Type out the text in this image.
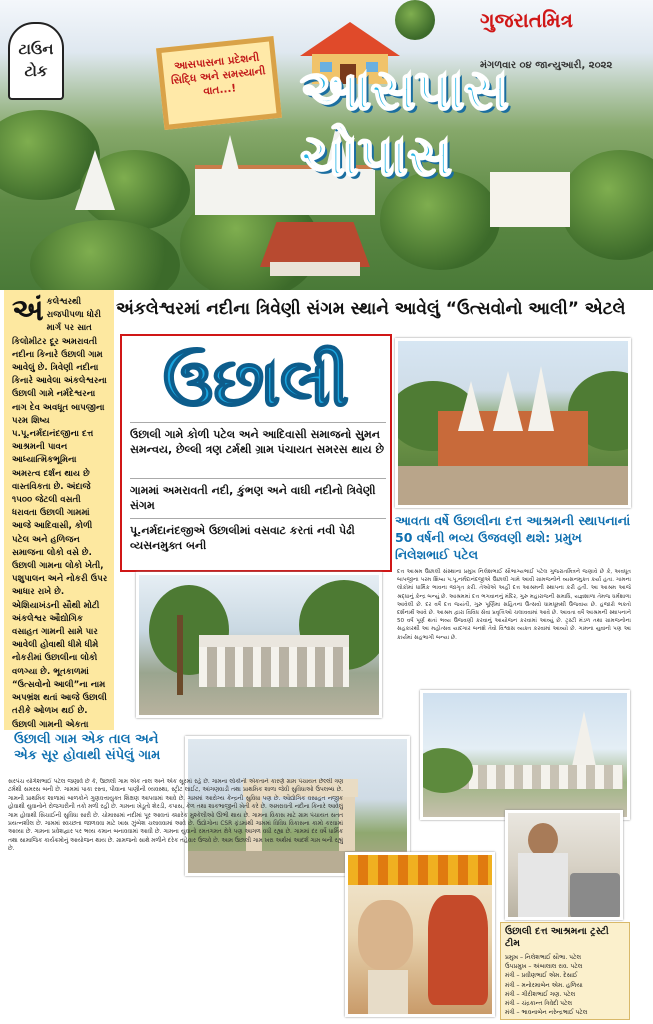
ટાઉન
ટોક	આસપાસના પ્રદેશની સિદ્ધિ અને સમસ્યાની વાત...!
ગુજરાતમિત્ર
મંગળવાર ૦૪ જાન્યુઆરી, ૨૦૨૨
આસપાસ ચોપાસ
અંકલેશ્વરમાં નદીના ત્રિવેણી સંગમ સ્થાને આવેલું “ઉત્સવોનો આલી” એટલે
અં કલેશ્વરથી રાજપીપળા ધોરી માર્ગ પર સાત કિલોમીટર દૂર અમરાવતી નદીના કિનારે ઉછાલી ગામ આવેલું છે. ત્રિવેણી નદીના કિનારે આવેલા અંકલેશ્વરના ઉછાલી ગામે નર્મદેશ્વરના નાગ દેવ અવધૂત બાપજીના પરમ શિષ્ય પ.પૂ.નર્મદાનંદજીના દત્ત આશ્રમની પાવન આધ્યાત્મિકભૂમિના અમરત્વ દર્શન થાય છે વાસ્તવિકતા છે. અંદાજે ૧૫૦૦ જેટલી વસતી ધરાવતા ઉછાલી ગામમાં આજે આદિવાસી, કોળી પટેલ અને હળિજન સમાજના લોકો વસે છે. ઉછાલી ગામના લોકો ખેતી, પશુપાલન અને નોકરી ઉપર આધાર રાખે છે. એશિયાખંડની સૌથી મોટી અંકલેશ્વર ઔદ્યોગિક વસાહત ગામની સામે પાર આવેલી હોવાથી ધીમે ધીમે નોકરીમાં ઉછાલીના લોકો વળગ્યા છે. ભૂતકાળમાં “ઉત્સવોનો આલી”ના નામ અપભ્રંશ થતાં આજે ઉછાલી તરીકે ઓળખ થઈ છે. ઉછાલી ગામની એકતા

ઉછાલી
ઉછાલી ગામે કોળી પટેલ અને આદિવાસી સમાજનો સુમન સમન્વય, છેલ્લી ત્રણ ટર્મથી ગ્રામ પંચાયત સમરસ થાય છે
ગામમાં અમરાવતી નદી, કુંભણ અને વાઘી નદીનો ત્રિવેણી સંગમ
પૂ.નર્મદાનંદજીએ ઉછાલીમાં વસવાટ કરતાં નવી પેઢી વ્યસનમુક્ત બની
આવતા વર્ષે ઉછાલીના દત્ત આશ્રમની સ્થાપનાનાં 50 વર્ષની ભવ્ય ઉજવણી થશે: પ્રમુખ નિલેશભાઈ પટેલ
દત્ત આશ્રમ ઉછાલી સંસ્થાના પ્રમુખ નિલેશભાઈ સૌભાગ્યભાઈ પટેલ ગુજરાતમિત્રને જણાવે છે કે, અવધૂત બાપજીના પરમ શિષ્ય પ.પૂ.નર્મદાનંદજીએ ઉછાલી ગામે આવી ગ્રામજનોને વ્યસનમુક્ત કર્યા હતા. ગામના લોકોમાં ધાર્મિક ભાવના જાગૃત કરી. તેઓએ અહીં દત્ત આશ્રમની સ્થાપના કરી હતી. આ આશ્રમ આજે શ્રદ્ધાનું કેન્દ્ર બન્યું છે. આશ્રમમાં દત્ત ભગવાનનું મંદિર, ગુરુ મહારાજની સમાધિ, યજ્ઞશાળા તેમજ ધર્મશાળા આવેલી છે. દર વર્ષે દત્ત જયંતી, ગુરુ પૂર્ણિમા સહિતના ઉત્સવો ધામધૂમથી ઉજવાય છે. હજારો ભક્તો દર્શનાર્થે આવે છે. આશ્રમ દ્વારા વિવિધ સેવા પ્રવૃત્તિઓ ચલાવવામાં આવે છે. આવતા વર્ષે આશ્રમની સ્થાપનાને 50 વર્ષ પૂર્ણ થતાં ભવ્ય ઉજવણી કરવાનું આયોજન કરવામાં આવ્યું છે. ટ્રસ્ટી મંડળ તથા ગ્રામજનોના સહકારથી આ મહોત્સવ યાદગાર બનશે તેવો વિશ્વાસ વ્યક્ત કરવામાં આવ્યો છે. ગામના યુવાનો પણ આ કાર્યમાં સહભાગી બન્યા છે.
ઉછાલી ગામ એક તાલ અને એક સૂર હોવાથી સંપેલું ગામ
સરપંચ યોગેશભાઈ પટેલ જણાવે છે કે, ઉછાલી ગામ એક તાલ અને એક સૂરમાં રહે છે. ગામના લોકોની એકતાને કારણે ગ્રામ પંચાયત છેલ્લી ત્રણ ટર્મથી સમરસ બની છે. ગામમાં પાકા રસ્તા, પીવાના પાણીની વ્યવસ્થા, સ્ટ્રીટ લાઈટ, આંગણવાડી તથા પ્રાથમિક શાળા જેવી સુવિધાઓ ઉપલબ્ધ છે. ગામની પ્રાથમિક શાળામાં બાળકોને ગુણવત્તાયુક્ત શિક્ષણ આપવામાં આવે છે. ગામમાં આરોગ્ય કેન્દ્રની સુવિધા પણ છે. ઔદ્યોગિક વસાહત નજીક હોવાથી યુવાનોને રોજગારીની તકો મળી રહી છે. ગામના ખેડૂતો શેરડી, કપાસ, કેળ તથા શાકભાજીની ખેતી કરે છે. અમરાવતી નદીના કિનારે આવેલું ગામ હોવાથી સિંચાઈની સુવિધા સારી છે. ચોમાસામાં નદીમાં પૂર આવતાં ક્યારેક મુશ્કેલીઓ ઊભી થાય છે. ગામના વિકાસ માટે ગ્રામ પંચાયત સતત પ્રયત્નશીલ છે. ગામમાં સ્વચ્છતા જાળવવા માટે ખાસ ઝુંબેશ ચલાવવામાં આવે છે. ઉદ્યોગોના CSR ફંડમાંથી ગામમાં વિવિધ વિકાસના કામો કરવામાં આવ્યા છે. ગામના પ્રવેશદ્વાર પર ભવ્ય કમાન બનાવવામાં આવી છે. ગામના યુવાનો રમતગમત ક્ષેત્રે પણ આગળ વધી રહ્યા છે. ગામમાં દર વર્ષે ધાર્મિક તથા સામાજિક કાર્યક્રમોનું આયોજન થાય છે. ગ્રામજનો સાથે મળીને દરેક તહેવાર ઉજવે છે. આમ ઉછાલી ગામ ખરા અર્થમાં આદર્શ ગામ બની રહ્યું છે.
ઉછાલી દત્ત આશ્રમના ટ્રસ્ટી ટીમ
પ્રમુખ – નિલેશભાઈ સૌભા. પટેલ
ઉપપ્રમુખ – અંબાલાલ રાવ. પટેલ
મંત્રી – પ્રવીણભાઈ એમ. દેસાઈ
મંત્રી – મનોરમાબેન એમ. હળિયા
મંત્રી – ગીરીશભાઈ ગણ. પટેલ
મંત્રી – ચંદ્રકાન્ત ત્રિવેદી પટેલ
મંત્રી – ભાવનાબેન નરેન્દ્રભાઈ પટેલ
